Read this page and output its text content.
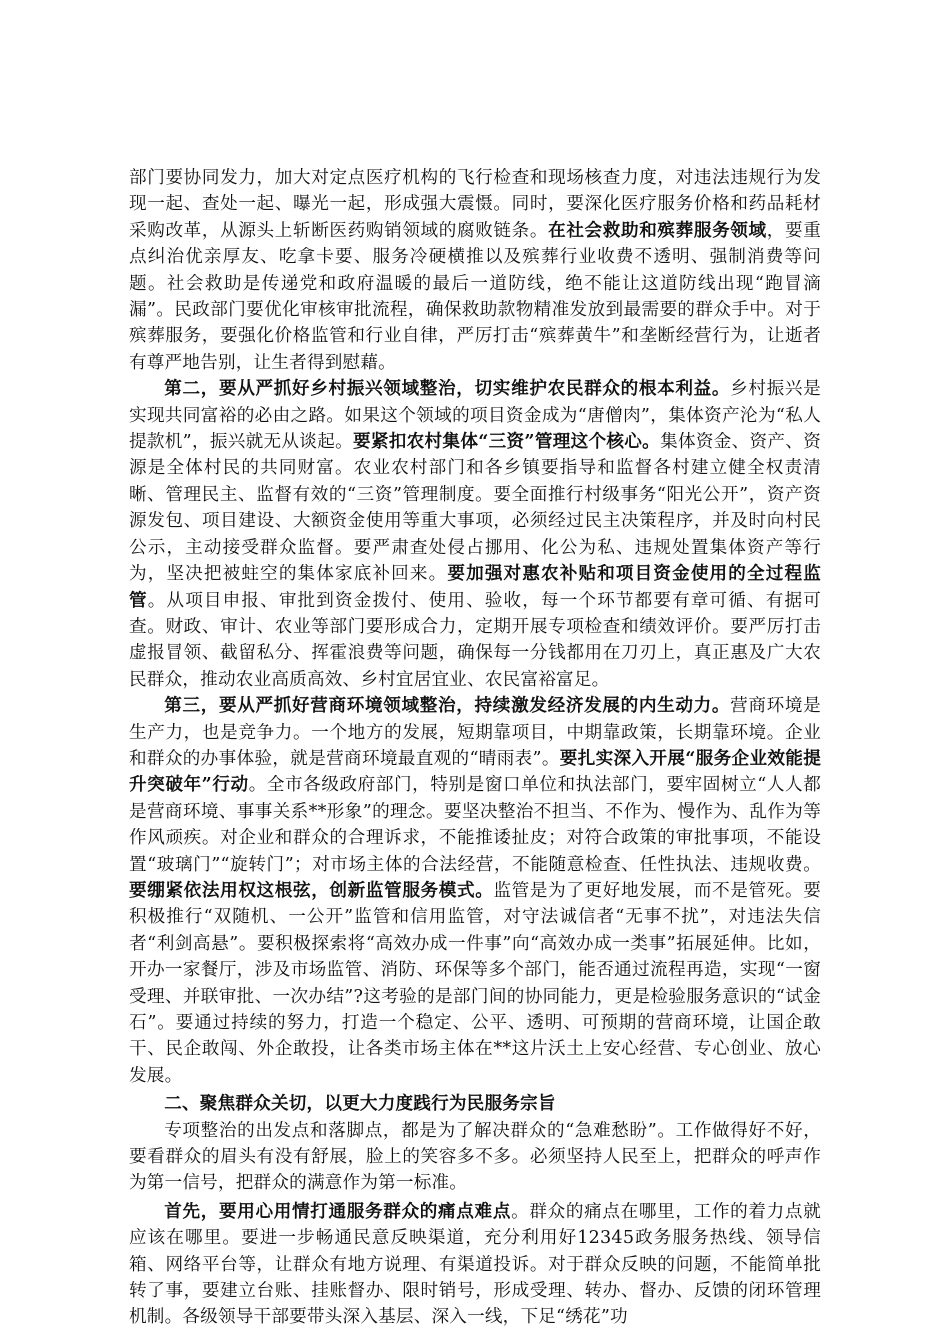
部门要协同发力，加大对定点医疗机构的飞行检查和现场核查力度，对违法违规行为发现一起、查处一起、曝光一起，形成强大震慑。同时，要深化医疗服务价格和药品耗材采购改革，从源头上斩断医药购销领域的腐败链条。在社会救助和殡葬服务领域，要重点纠治优亲厚友、吃拿卡要、服务冷硬横推以及殡葬行业收费不透明、强制消费等问题。社会救助是传递党和政府温暖的最后一道防线，绝不能让这道防线出现“跑冒滴漏”。民政部门要优化审核审批流程，确保救助款物精准发放到最需要的群众手中。对于殡葬服务，要强化价格监管和行业自律，严厉打击“殡葬黄牛”和垄断经营行为，让逝者有尊严地告别，让生者得到慰藉。

第二，要从严抓好乡村振兴领域整治，切实维护农民群众的根本利益。乡村振兴是实现共同富裕的必由之路。如果这个领域的项目资金成为“唐僧肉”，集体资产沦为“私人提款机”，振兴就无从谈起。要紧扣农村集体“三资”管理这个核心。集体资金、资产、资源是全体村民的共同财富。农业农村部门和各乡镇要指导和监督各村建立健全权责清晰、管理民主、监督有效的“三资”管理制度。要全面推行村级事务“阳光公开”，资产资源发包、项目建设、大额资金使用等重大事项，必须经过民主决策程序，并及时向村民公示，主动接受群众监督。要严肃查处侵占挪用、化公为私、违规处置集体资产等行为，坚决把被蛀空的集体家底补回来。要加强对惠农补贴和项目资金使用的全过程监管。从项目申报、审批到资金拨付、使用、验收，每一个环节都要有章可循、有据可查。财政、审计、农业等部门要形成合力，定期开展专项检查和绩效评价。要严厉打击虚报冒领、截留私分、挥霍浪费等问题，确保每一分钱都用在刀刃上，真正惠及广大农民群众，推动农业高质高效、乡村宜居宜业、农民富裕富足。

第三，要从严抓好营商环境领域整治，持续激发经济发展的内生动力。营商环境是生产力，也是竞争力。一个地方的发展，短期靠项目，中期靠政策，长期靠环境。企业和群众的办事体验，就是营商环境最直观的“晴雨表”。要扎实深入开展“服务企业效能提升突破年”行动。全市各级政府部门，特别是窗口单位和执法部门，要牢固树立“人人都是营商环境、事事关系**形象”的理念。要坚决整治不担当、不作为、慢作为、乱作为等作风顽疾。对企业和群众的合理诉求，不能推诿扯皮；对符合政策的审批事项，不能设置“玻璃门”“旋转门”；对市场主体的合法经营，不能随意检查、任性执法、违规收费。要绷紧依法用权这根弦，创新监管服务模式。监管是为了更好地发展，而不是管死。要积极推行“双随机、一公开”监管和信用监管，对守法诚信者“无事不扰”，对违法失信者“利剑高悬”。要积极探索将“高效办成一件事”向“高效办成一类事”拓展延伸。比如，开办一家餐厅，涉及市场监管、消防、环保等多个部门，能否通过流程再造，实现“一窗受理、并联审批、一次办结”?这考验的是部门间的协同能力，更是检验服务意识的“试金石”。要通过持续的努力，打造一个稳定、公平、透明、可预期的营商环境，让国企敢干、民企敢闯、外企敢投，让各类市场主体在**这片沃土上安心经营、专心创业、放心发展。

二、聚焦群众关切，以更大力度践行为民服务宗旨

专项整治的出发点和落脚点，都是为了解决群众的“急难愁盼”。工作做得好不好，要看群众的眉头有没有舒展，脸上的笑容多不多。必须坚持人民至上，把群众的呼声作为第一信号，把群众的满意作为第一标准。

首先，要用心用情打通服务群众的痛点难点。群众的痛点在哪里，工作的着力点就应该在哪里。要进一步畅通民意反映渠道，充分利用好12345政务服务热线、领导信箱、网络平台等，让群众有地方说理、有渠道投诉。对于群众反映的问题，不能简单批转了事，要建立台账、挂账督办、限时销号，形成受理、转办、督办、反馈的闭环管理机制。各级领导干部要带头深入基层、深入一线，下足“绣花”功
